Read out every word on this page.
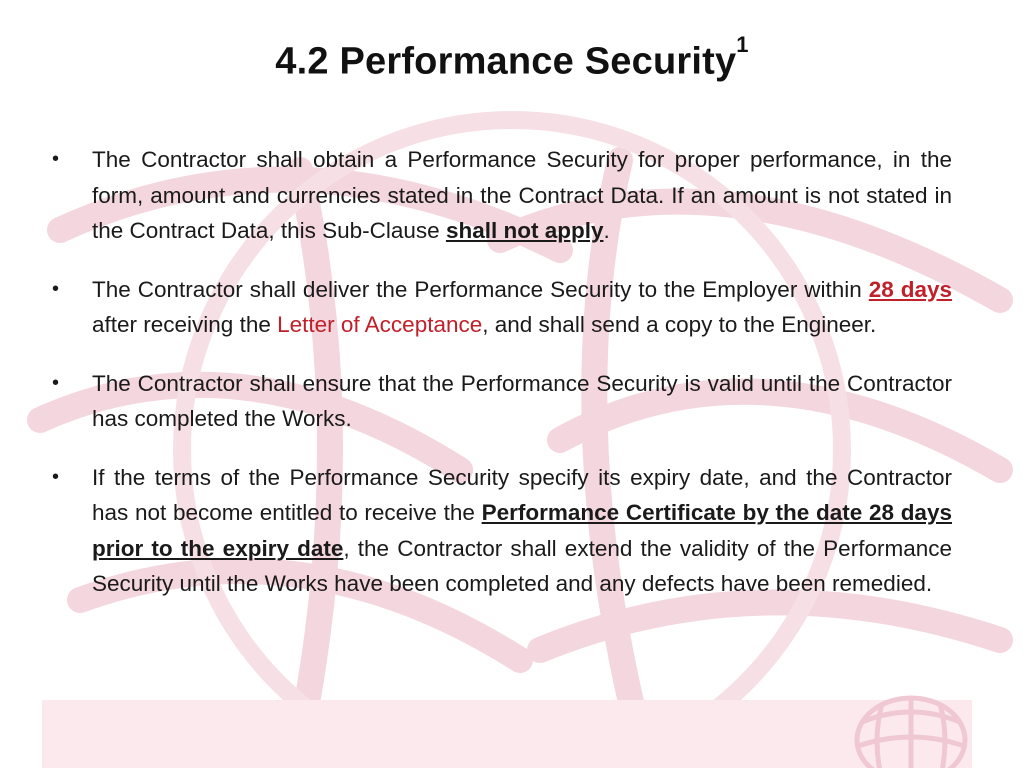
4.2 Performance Security$^1$
• The Contractor shall obtain a Performance Security for proper performance, in the form, amount and currencies stated in the Contract Data. If an amount is not stated in the Contract Data, this Sub-Clause shall not apply.
• The Contractor shall deliver the Performance Security to the Employer within 28 days after receiving the Letter of Acceptance, and shall send a copy to the Engineer.
• The Contractor shall ensure that the Performance Security is valid until the Contractor has completed the Works.
• If the terms of the Performance Security specify its expiry date, and the Contractor has not become entitled to receive the Performance Certificate by the date 28 days prior to the expiry date, the Contractor shall extend the validity of the Performance Security until the Works have been completed and any defects have been remedied.
